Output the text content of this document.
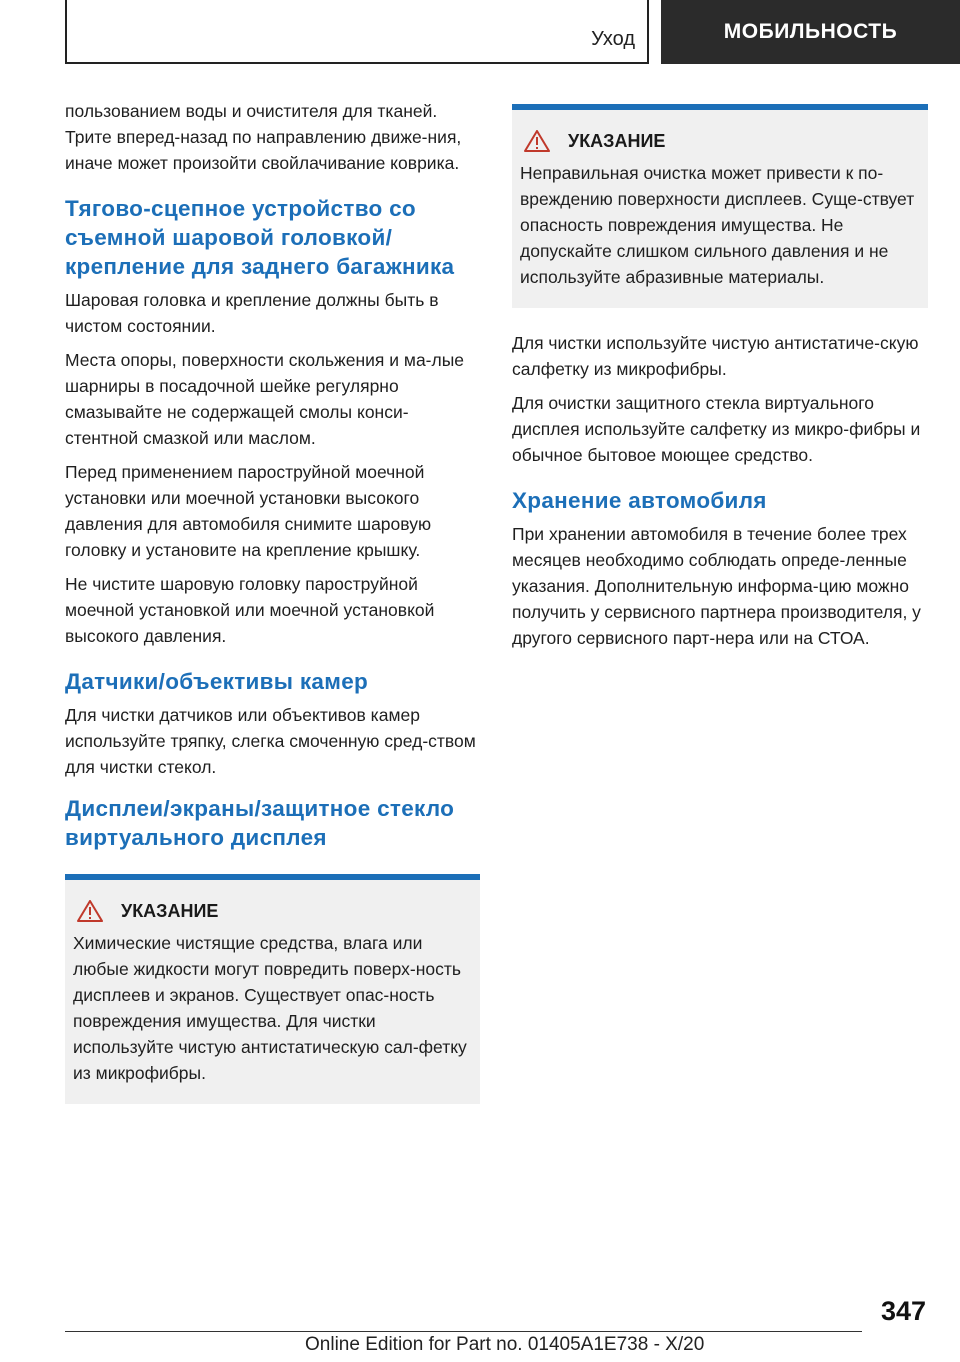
Уход	МОБИЛЬНОСТЬ

пользованием воды и очистителя для тканей. Трите вперед-назад по направлению движе-ния, иначе может произойти свойлачивание коврика.

Тягово-сцепное устройство со съемной шаровой головкой/ крепление для заднего багажника

Шаровая головка и крепление должны быть в чистом состоянии.

Места опоры, поверхности скольжения и ма-лые шарниры в посадочной шейке регулярно смазывайте не содержащей смолы конси-стентной смазкой или маслом.

Перед применением пароструйной моечной установки или моечной установки высокого давления для автомобиля снимите шаровую головку и установите на крепление крышку.

Не чистите шаровую головку пароструйной моечной установкой или моечной установкой высокого давления.

Датчики/объективы камер

Для чистки датчиков или объективов камер используйте тряпку, слегка смоченную сред-ством для чистки стекол.

Дисплеи/экраны/защитное стекло виртуального дисплея
УКАЗАНИЕ

Химические чистящие средства, влага или любые жидкости могут повредить поверх-ность дисплеев и экранов. Существует опас-ность повреждения имущества. Для чистки используйте чистую антистатическую сал-фетку из микрофибры.

УКАЗАНИЕ

Неправильная очистка может привести к по-вреждению поверхности дисплеев. Суще-ствует опасность повреждения имущества. Не допускайте слишком сильного давления и не используйте абразивные материалы.

Для чистки используйте чистую антистатиче-скую салфетку из микрофибры.

Для очистки защитного стекла виртуального дисплея используйте салфетку из микро-фибры и обычное бытовое моющее средство.

Хранение автомобиля

При хранении автомобиля в течение более трех месяцев необходимо соблюдать опреде-ленные указания. Дополнительную информа-цию можно получить у сервисного партнера производителя, у другого сервисного парт-нера или на СТОА.

347
Online Edition for Part no. 01405A1E738 - X/20
